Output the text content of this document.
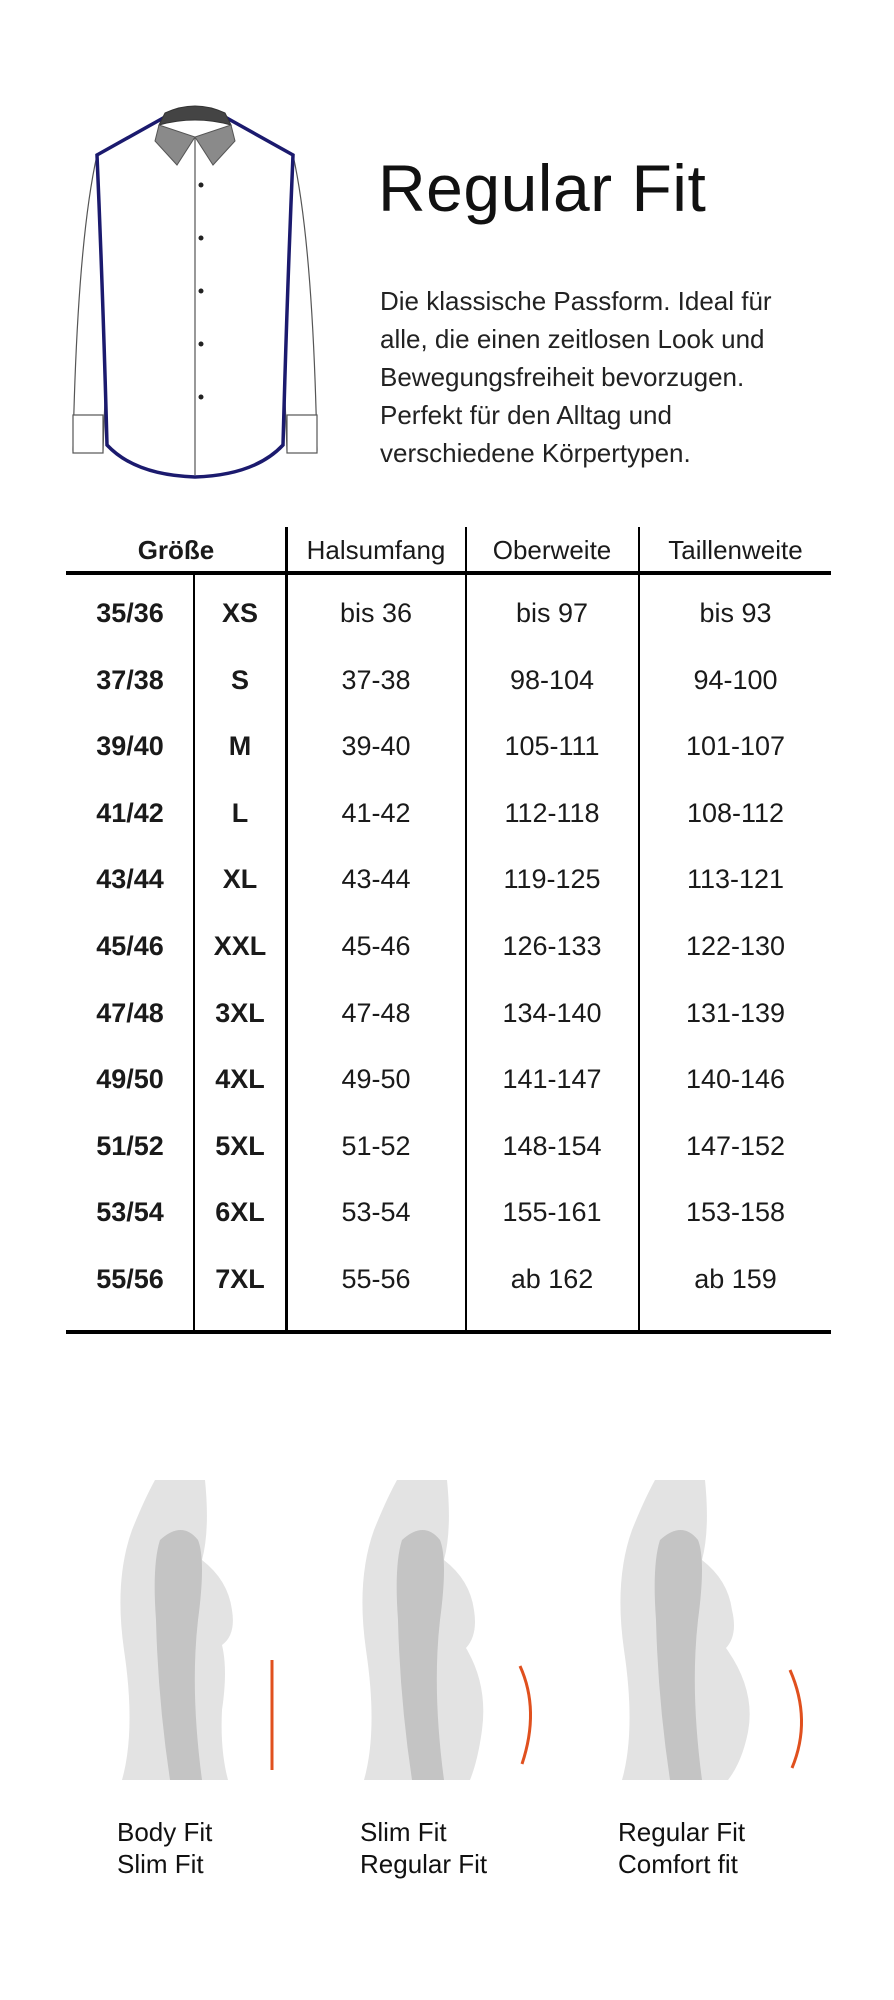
Regular Fit
Die klassische Passform. Ideal für
alle, die einen zeitlosen Look und
Bewegungsfreiheit bevorzugen.
Perfekt für den Alltag und
verschiedene Körpertypen.
Größe	Halsumfang	Oberweite	Taillenweite
35/36	XS	bis 36	bis 97	bis 93
37/38	S	37-38	98-104	94-100
39/40	M	39-40	105-111	101-107
41/42	L	41-42	112-118	108-112
43/44	XL	43-44	119-125	113-121
45/46	XXL	45-46	126-133	122-130
47/48	3XL	47-48	134-140	131-139
49/50	4XL	49-50	141-147	140-146
51/52	5XL	51-52	148-154	147-152
53/54	6XL	53-54	155-161	153-158
55/56	7XL	55-56	ab 162	ab 159
Body Fit
Slim Fit
Slim Fit
Regular Fit
Regular Fit
Comfort fit
